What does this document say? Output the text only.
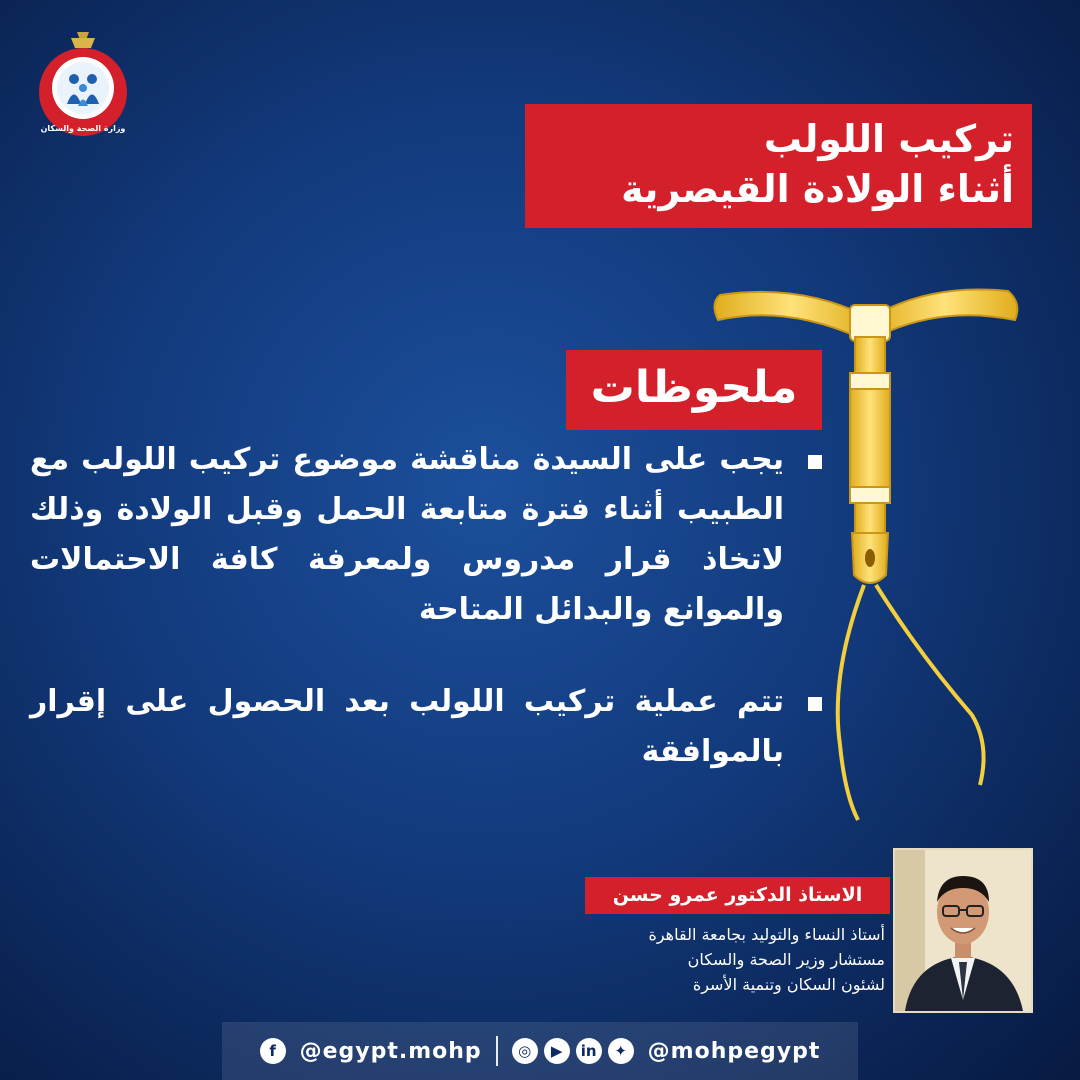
وزارة الصحة والسكان	تركيب اللولب
أثناء الولادة القيصرية
ملحوظات
يجب على السيدة مناقشة موضوع تركيب اللولب مع الطبيب أثناء فترة متابعة الحمل وقبل الولادة وذلك لاتخاذ قرار مدروس ولمعرفة كافة الاحتمالات والموانع والبدائل المتاحة
تتم عملية تركيب اللولب بعد الحصول على إقرار بالموافقة
الاستاذ الدكتور عمرو حسن
أستاذ النساء والتوليد بجامعة القاهرة
مستشار وزير الصحة والسكان
لشئون السكان وتنمية الأسرة
f	@egypt.mohp	◎	▶	in	✦ @mohpegypt
